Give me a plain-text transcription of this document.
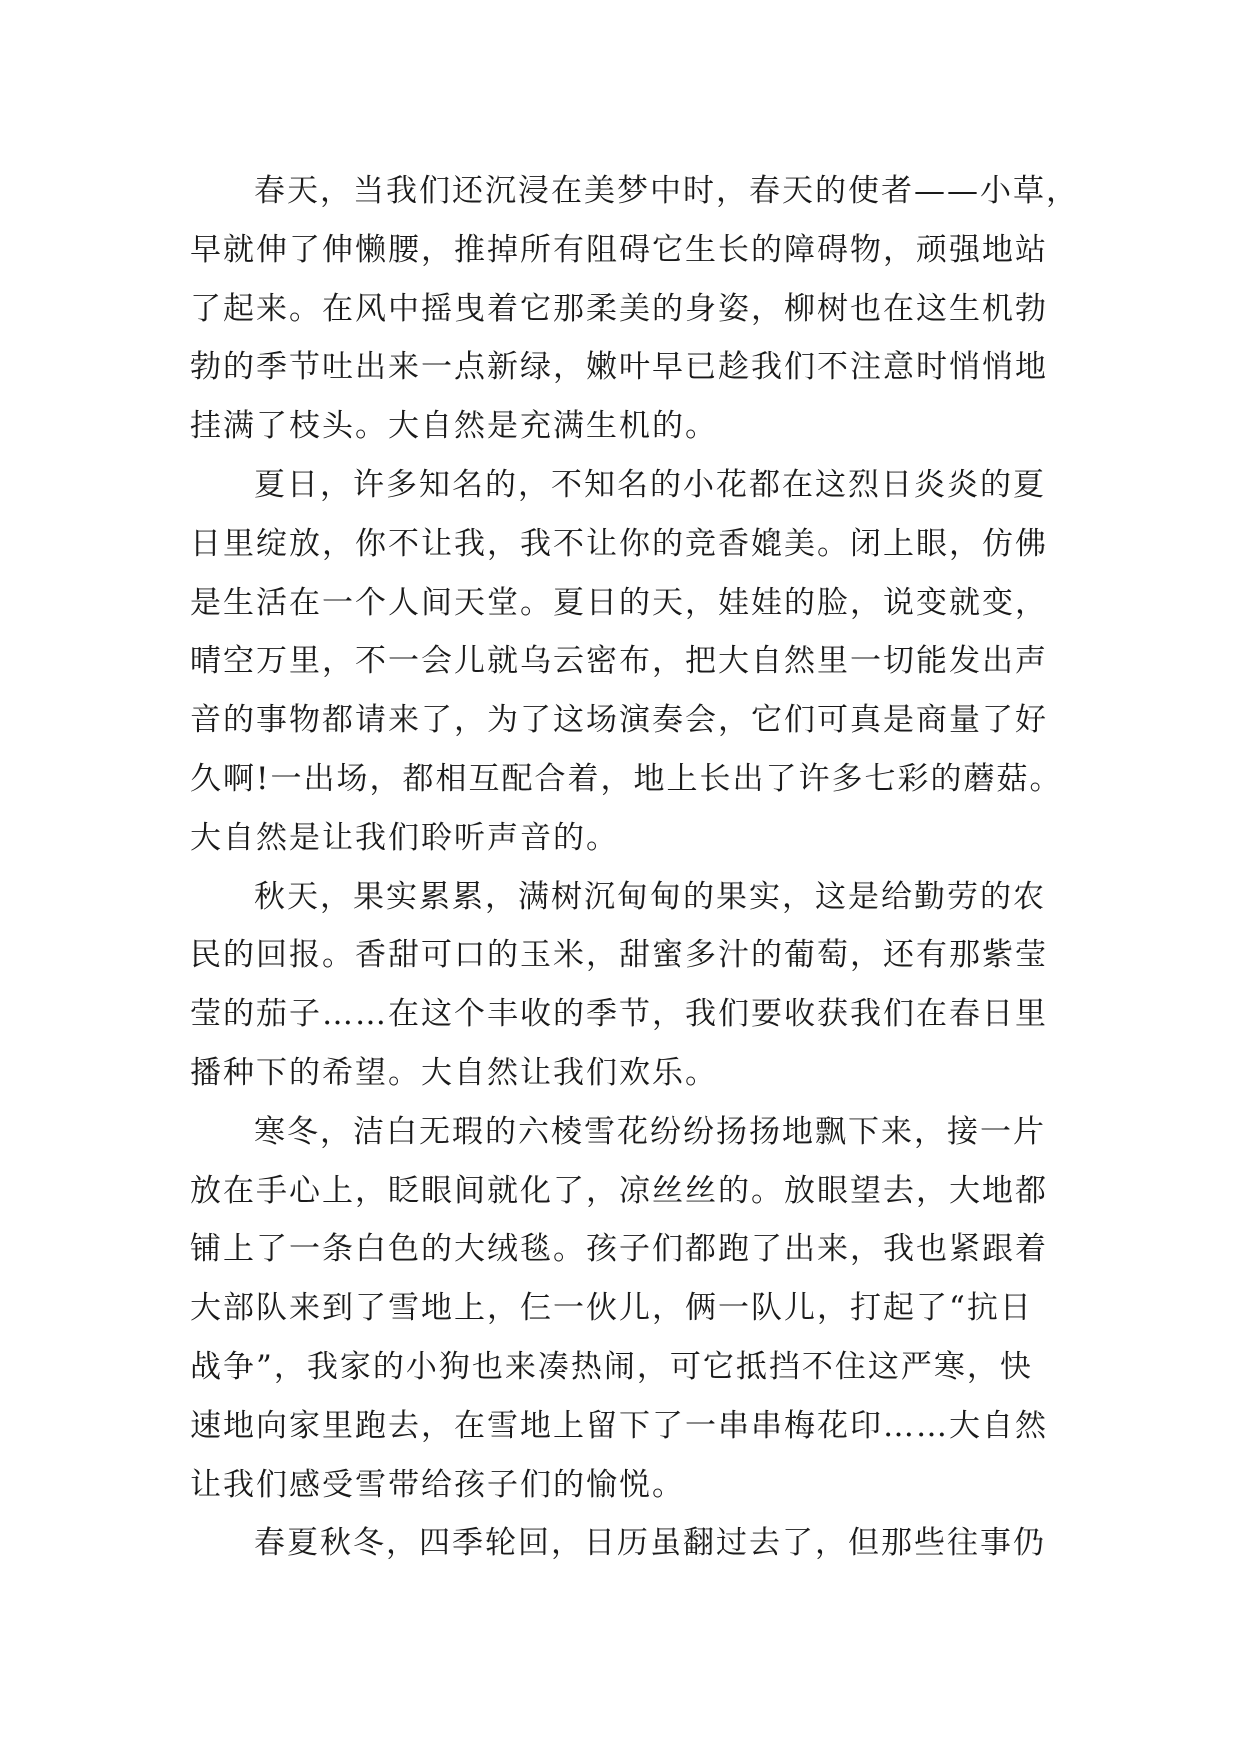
春天，当我们还沉浸在美梦中时，春天的使者——小草，
早就伸了伸懒腰，推掉所有阻碍它生长的障碍物，顽强地站
了起来。在风中摇曳着它那柔美的身姿，柳树也在这生机勃
勃的季节吐出来一点新绿，嫩叶早已趁我们不注意时悄悄地
挂满了枝头。大自然是充满生机的。
夏日，许多知名的，不知名的小花都在这烈日炎炎的夏
日里绽放，你不让我，我不让你的竞香媲美。闭上眼，仿佛
是生活在一个人间天堂。夏日的天，娃娃的脸，说变就变，
晴空万里，不一会儿就乌云密布，把大自然里一切能发出声
音的事物都请来了，为了这场演奏会，它们可真是商量了好
久啊!一出场，都相互配合着，地上长出了许多七彩的蘑菇。
大自然是让我们聆听声音的。
秋天，果实累累，满树沉甸甸的果实，这是给勤劳的农
民的回报。香甜可口的玉米，甜蜜多汁的葡萄，还有那紫莹
莹的茄子……在这个丰收的季节，我们要收获我们在春日里
播种下的希望。大自然让我们欢乐。
寒冬，洁白无瑕的六棱雪花纷纷扬扬地飘下来，接一片
放在手心上，眨眼间就化了，凉丝丝的。放眼望去，大地都
铺上了一条白色的大绒毯。孩子们都跑了出来，我也紧跟着
大部队来到了雪地上，仨一伙儿，俩一队儿，打起了“抗日
战争”，我家的小狗也来凑热闹，可它抵挡不住这严寒，快
速地向家里跑去，在雪地上留下了一串串梅花印……大自然
让我们感受雪带给孩子们的愉悦。
春夏秋冬，四季轮回，日历虽翻过去了，但那些往事仍
